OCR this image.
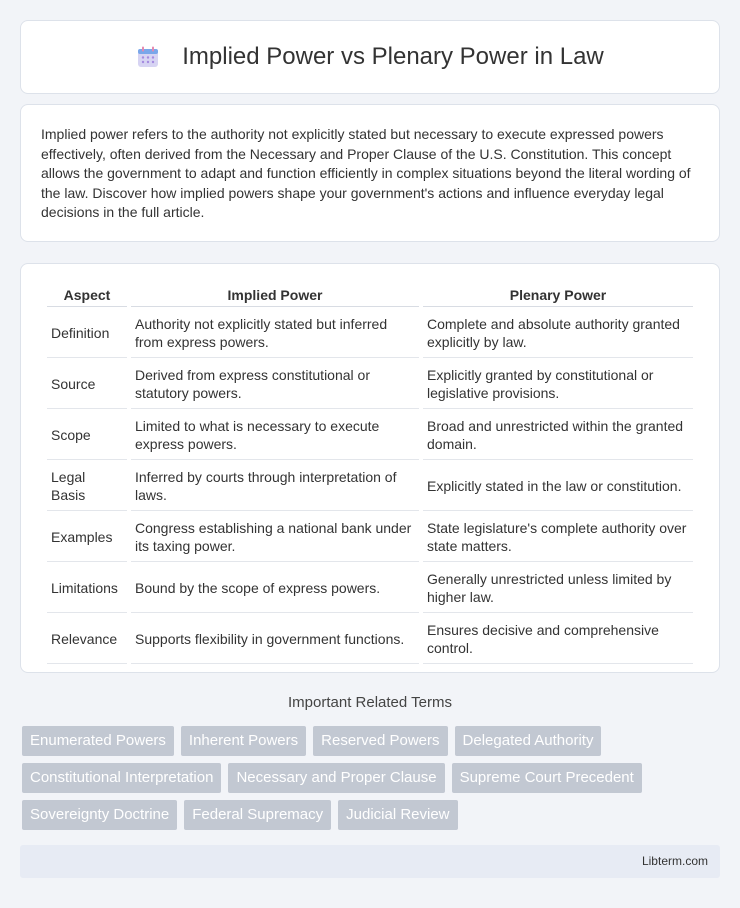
Implied Power vs Plenary Power in Law

Implied power refers to the authority not explicitly stated but necessary to execute expressed powers effectively, often derived from the Necessary and Proper Clause of the U.S. Constitution. This concept allows the government to adapt and function efficiently in complex situations beyond the literal wording of the law. Discover how implied powers shape your government's actions and influence everyday legal decisions in the full article.

Aspect	Implied Power	Plenary Power
Definition	Authority not explicitly stated but inferred from express powers.	Complete and absolute authority granted explicitly by law.
Source	Derived from express constitutional or statutory powers.	Explicitly granted by constitutional or legislative provisions.
Scope	Limited to what is necessary to execute express powers.	Broad and unrestricted within the granted domain.
Legal Basis	Inferred by courts through interpretation of laws.	Explicitly stated in the law or constitution.
Examples	Congress establishing a national bank under its taxing power.	State legislature's complete authority over state matters.
Limitations	Bound by the scope of express powers.	Generally unrestricted unless limited by higher law.
Relevance	Supports flexibility in government functions.	Ensures decisive and comprehensive control.
Important Related Terms
Enumerated Powers	Inherent Powers	Reserved Powers	Delegated Authority
Constitutional Interpretation	Necessary and Proper Clause	Supreme Court Precedent
Sovereignty Doctrine	Federal Supremacy	Judicial Review
Libterm.com
